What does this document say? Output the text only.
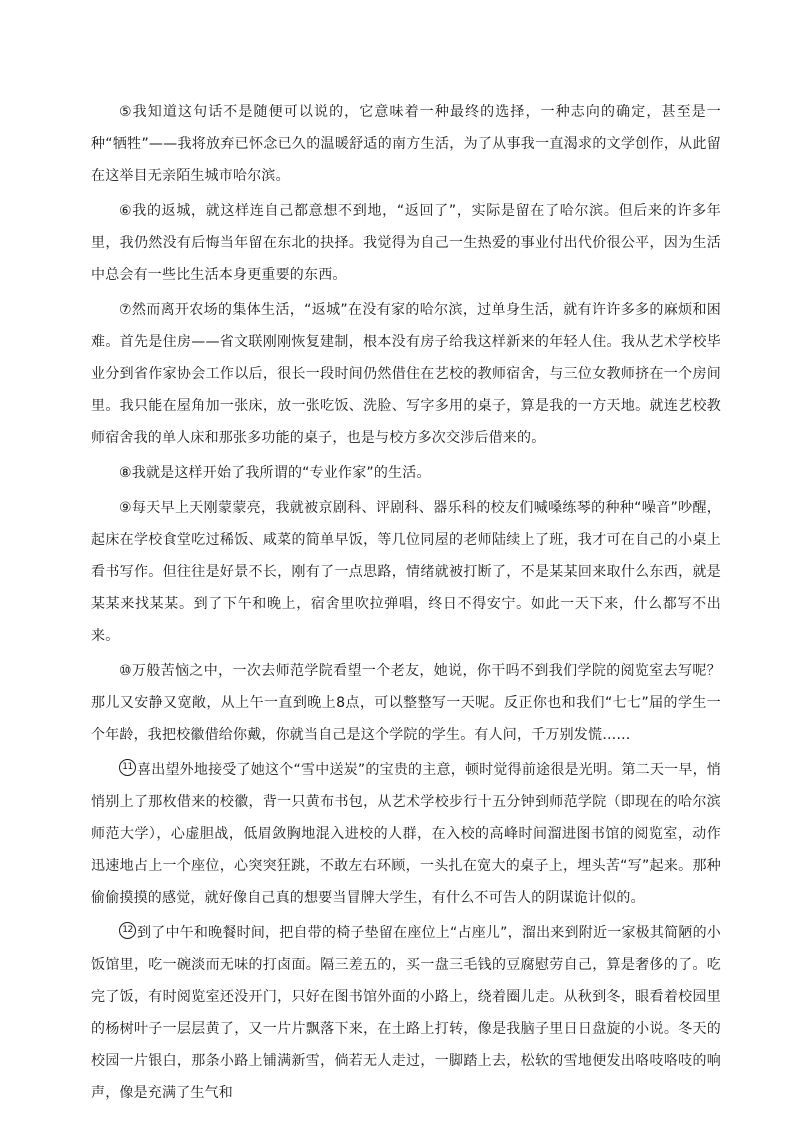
⑤我知道这句话不是随便可以说的，它意味着一种最终的选择，一种志向的确定，甚至是一种“牺牲”——我将放弃已怀念已久的温暖舒适的南方生活，为了从事我一直渴求的文学创作，从此留在这举目无亲陌生城市哈尔滨。

⑥我的返城，就这样连自己都意想不到地，“返回了”，实际是留在了哈尔滨。但后来的许多年里，我仍然没有后悔当年留在东北的抉择。我觉得为自己一生热爱的事业付出代价很公平，因为生活中总会有一些比生活本身更重要的东西。

⑦然而离开农场的集体生活，“返城”在没有家的哈尔滨，过单身生活，就有许许多多的麻烦和困难。首先是住房——省文联刚刚恢复建制，根本没有房子给我这样新来的年轻人住。我从艺术学校毕业分到省作家协会工作以后，很长一段时间仍然借住在艺校的教师宿舍，与三位女教师挤在一个房间里。我只能在屋角加一张床，放一张吃饭、洗脸、写字多用的桌子，算是我的一方天地。就连艺校教师宿舍我的单人床和那张多功能的桌子，也是与校方多次交涉后借来的。

⑧我就是这样开始了我所谓的“专业作家”的生活。

⑨每天早上天刚蒙蒙亮，我就被京剧科、评剧科、器乐科的校友们喊嗓练琴的种种“噪音”吵醒，起床在学校食堂吃过稀饭、咸菜的简单早饭，等几位同屋的老师陆续上了班，我才可在自己的小桌上看书写作。但往往是好景不长，刚有了一点思路，情绪就被打断了，不是某某回来取什么东西，就是某某来找某某。到了下午和晚上，宿舍里吹拉弹唱，终日不得安宁。如此一天下来，什么都写不出来。

⑩万般苦恼之中，一次去师范学院看望一个老友，她说，你干吗不到我们学院的阅览室去写呢？那儿又安静又宽敞，从上午一直到晚上8点，可以整整写一天呢。反正你也和我们“七七”届的学生一个年龄，我把校徽借给你戴，你就当自己是这个学院的学生。有人问，千万别发慌……

11 喜出望外地接受了她这个“雪中送炭”的宝贵的主意，顿时觉得前途很是光明。第二天一早，悄悄别上了那枚借来的校徽，背一只黄布书包，从艺术学校步行十五分钟到师范学院（即现在的哈尔滨师范大学），心虚胆战，低眉敛胸地混入进校的人群，在入校的高峰时间溜进图书馆的阅览室，动作迅速地占上一个座位，心突突狂跳，不敢左右环顾，一头扎在宽大的桌子上，埋头苦“写”起来。那种偷偷摸摸的感觉，就好像自己真的想要当冒牌大学生，有什么不可告人的阴谋诡计似的。

12 到了中午和晚餐时间，把自带的椅子垫留在座位上“占座儿”，溜出来到附近一家极其简陋的小饭馆里，吃一碗淡而无味的打卤面。隔三差五的，买一盘三毛钱的豆腐慰劳自己，算是奢侈的了。吃完了饭，有时阅览室还没开门，只好在图书馆外面的小路上，绕着圈儿走。从秋到冬，眼看着校园里的杨树叶子一层层黄了，又一片片飘落下来，在土路上打转，像是我脑子里日日盘旋的小说。冬天的校园一片银白，那条小路上铺满新雪，倘若无人走过，一脚踏上去，松软的雪地便发出咯吱咯吱的响声，像是充满了生气和
